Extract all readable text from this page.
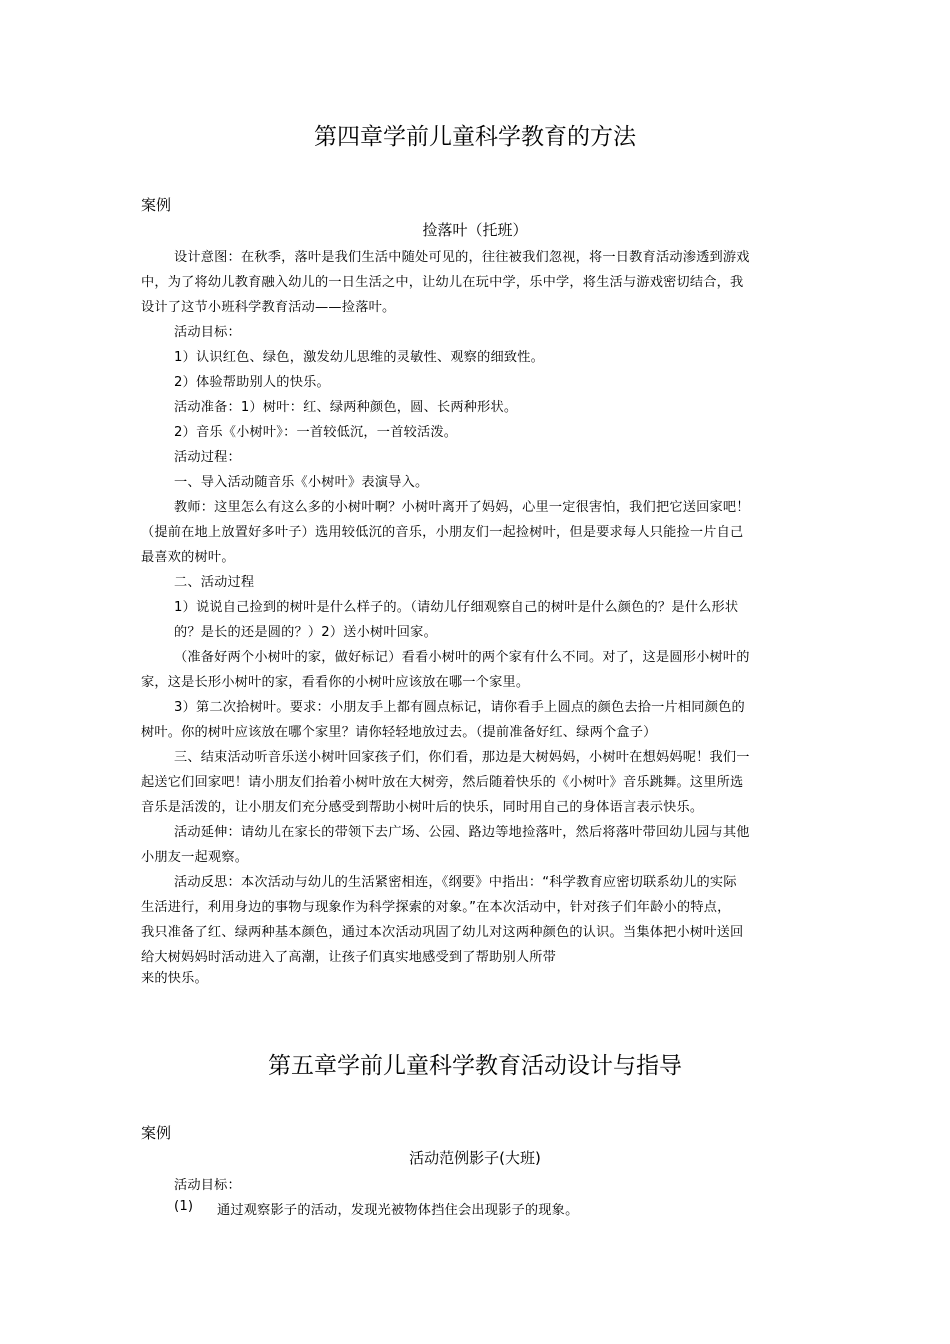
第四章学前儿童科学教育的方法
案例
捡落叶（托班）
设计意图：在秋季，落叶是我们生活中随处可见的，往往被我们忽视，将一日教育活动渗透到游戏
中，为了将幼儿教育融入幼儿的一日生活之中，让幼儿在玩中学，乐中学，将生活与游戏密切结合，我
设计了这节小班科学教育活动——捡落叶。
活动目标：
1）认识红色、绿色，激发幼儿思维的灵敏性、观察的细致性。
2）体验帮助别人的快乐。
活动准备：1）树叶：红、绿两种颜色，圆、长两种形状。
2）音乐《小树叶》：一首较低沉，一首较活泼。
活动过程：
一、导入活动随音乐《小树叶》表演导入。
教师：这里怎么有这么多的小树叶啊？小树叶离开了妈妈，心里一定很害怕，我们把它送回家吧！
（提前在地上放置好多叶子）选用较低沉的音乐，小朋友们一起捡树叶，但是要求每人只能捡一片自己
最喜欢的树叶。
二、活动过程
1）说说自己捡到的树叶是什么样子的。（请幼儿仔细观察自己的树叶是什么颜色的？是什么形状
的？是长的还是圆的？）2）送小树叶回家。
（准备好两个小树叶的家，做好标记）看看小树叶的两个家有什么不同。对了，这是圆形小树叶的
家，这是长形小树叶的家，看看你的小树叶应该放在哪一个家里。
3）第二次拾树叶。要求：小朋友手上都有圆点标记，请你看手上圆点的颜色去拾一片相同颜色的
树叶。你的树叶应该放在哪个家里？请你轻轻地放过去。（提前准备好红、绿两个盒子）
三、结束活动听音乐送小树叶回家孩子们，你们看，那边是大树妈妈，小树叶在想妈妈呢！我们一
起送它们回家吧！请小朋友们抬着小树叶放在大树旁，然后随着快乐的《小树叶》音乐跳舞。这里所选
音乐是活泼的，让小朋友们充分感受到帮助小树叶后的快乐，同时用自己的身体语言表示快乐。
活动延伸：请幼儿在家长的带领下去广场、公园、路边等地捡落叶，然后将落叶带回幼儿园与其他
小朋友一起观察。
活动反思：本次活动与幼儿的生活紧密相连，《纲要》中指出：“科学教育应密切联系幼儿的实际
生活进行，利用身边的事物与现象作为科学探索的对象。”在本次活动中，针对孩子们年龄小的特点，
我只准备了红、绿两种基本颜色，通过本次活动巩固了幼儿对这两种颜色的认识。当集体把小树叶送回
给大树妈妈时活动进入了高潮，让孩子们真实地感受到了帮助别人所带
来的快乐。
第五章学前儿童科学教育活动设计与指导
案例
活动范例影子(大班)
活动目标：
(1) 通过观察影子的活动，发现光被物体挡住会出现影子的现象。
